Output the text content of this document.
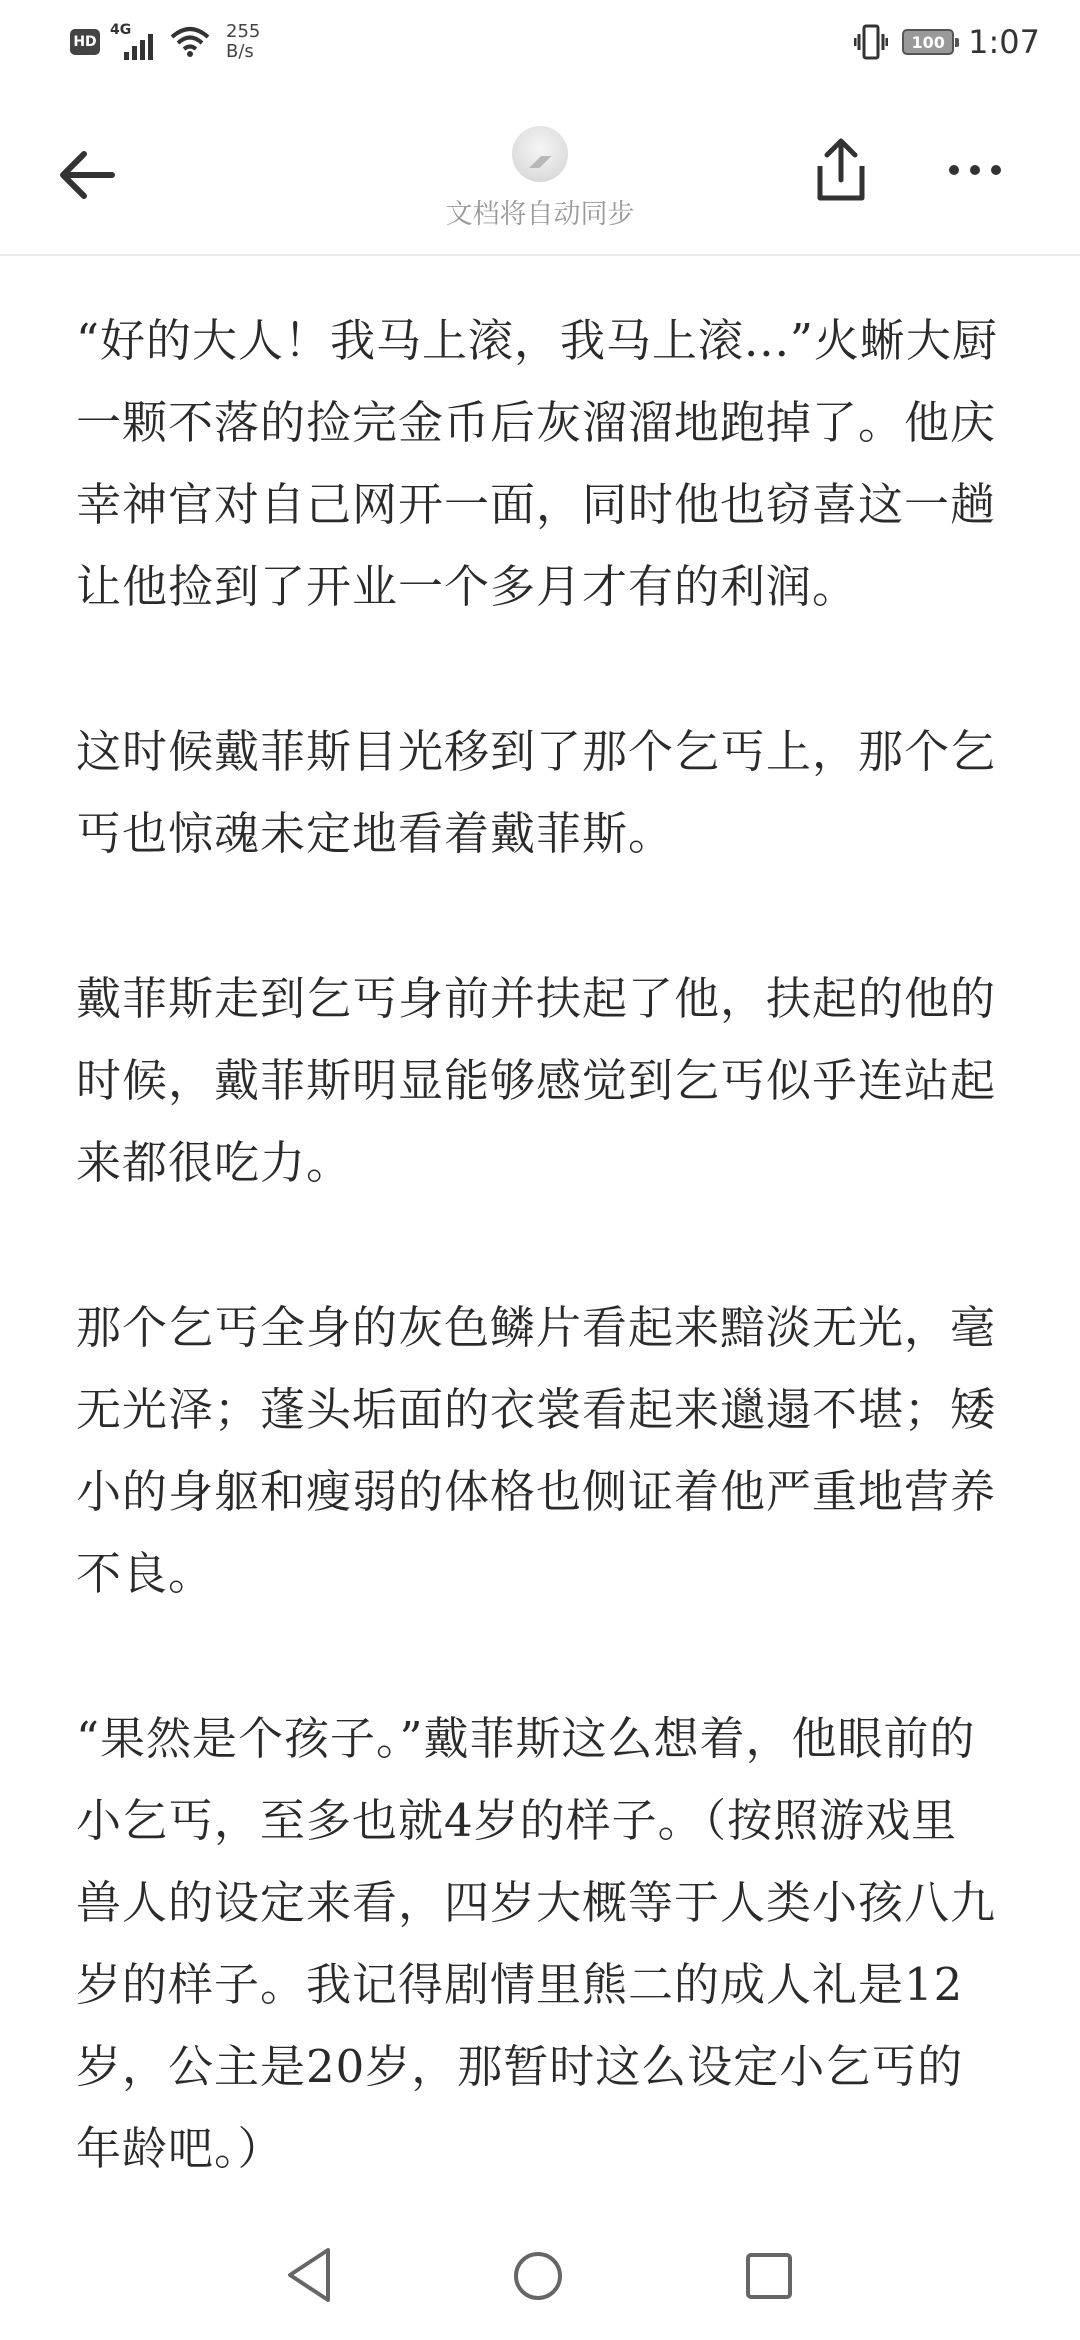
HD
4G	255
B/s	100 1:07
文档将自动同步

“好的大人！我马上滚，我马上滚...”火蜥大厨一颗不落的捡完金币后灰溜溜地跑掉了。他庆幸神官对自己网开一面，同时他也窃喜这一趟让他捡到了开业一个多月才有的利润。

这时候戴菲斯目光移到了那个乞丐上，那个乞丐也惊魂未定地看着戴菲斯。

戴菲斯走到乞丐身前并扶起了他，扶起的他的时候，戴菲斯明显能够感觉到乞丐似乎连站起来都很吃力。

那个乞丐全身的灰色鳞片看起来黯淡无光，毫无光泽；蓬头垢面的衣裳看起来邋遢不堪；矮小的身躯和瘦弱的体格也侧证着他严重地营养不良。

“果然是个孩子。”戴菲斯这么想着，他眼前的小乞丐，至多也就4岁的样子。（按照游戏里兽人的设定来看，四岁大概等于人类小孩八九岁的样子。我记得剧情里熊二的成人礼是12岁，公主是20岁，那暂时这么设定小乞丐的年龄吧。）
